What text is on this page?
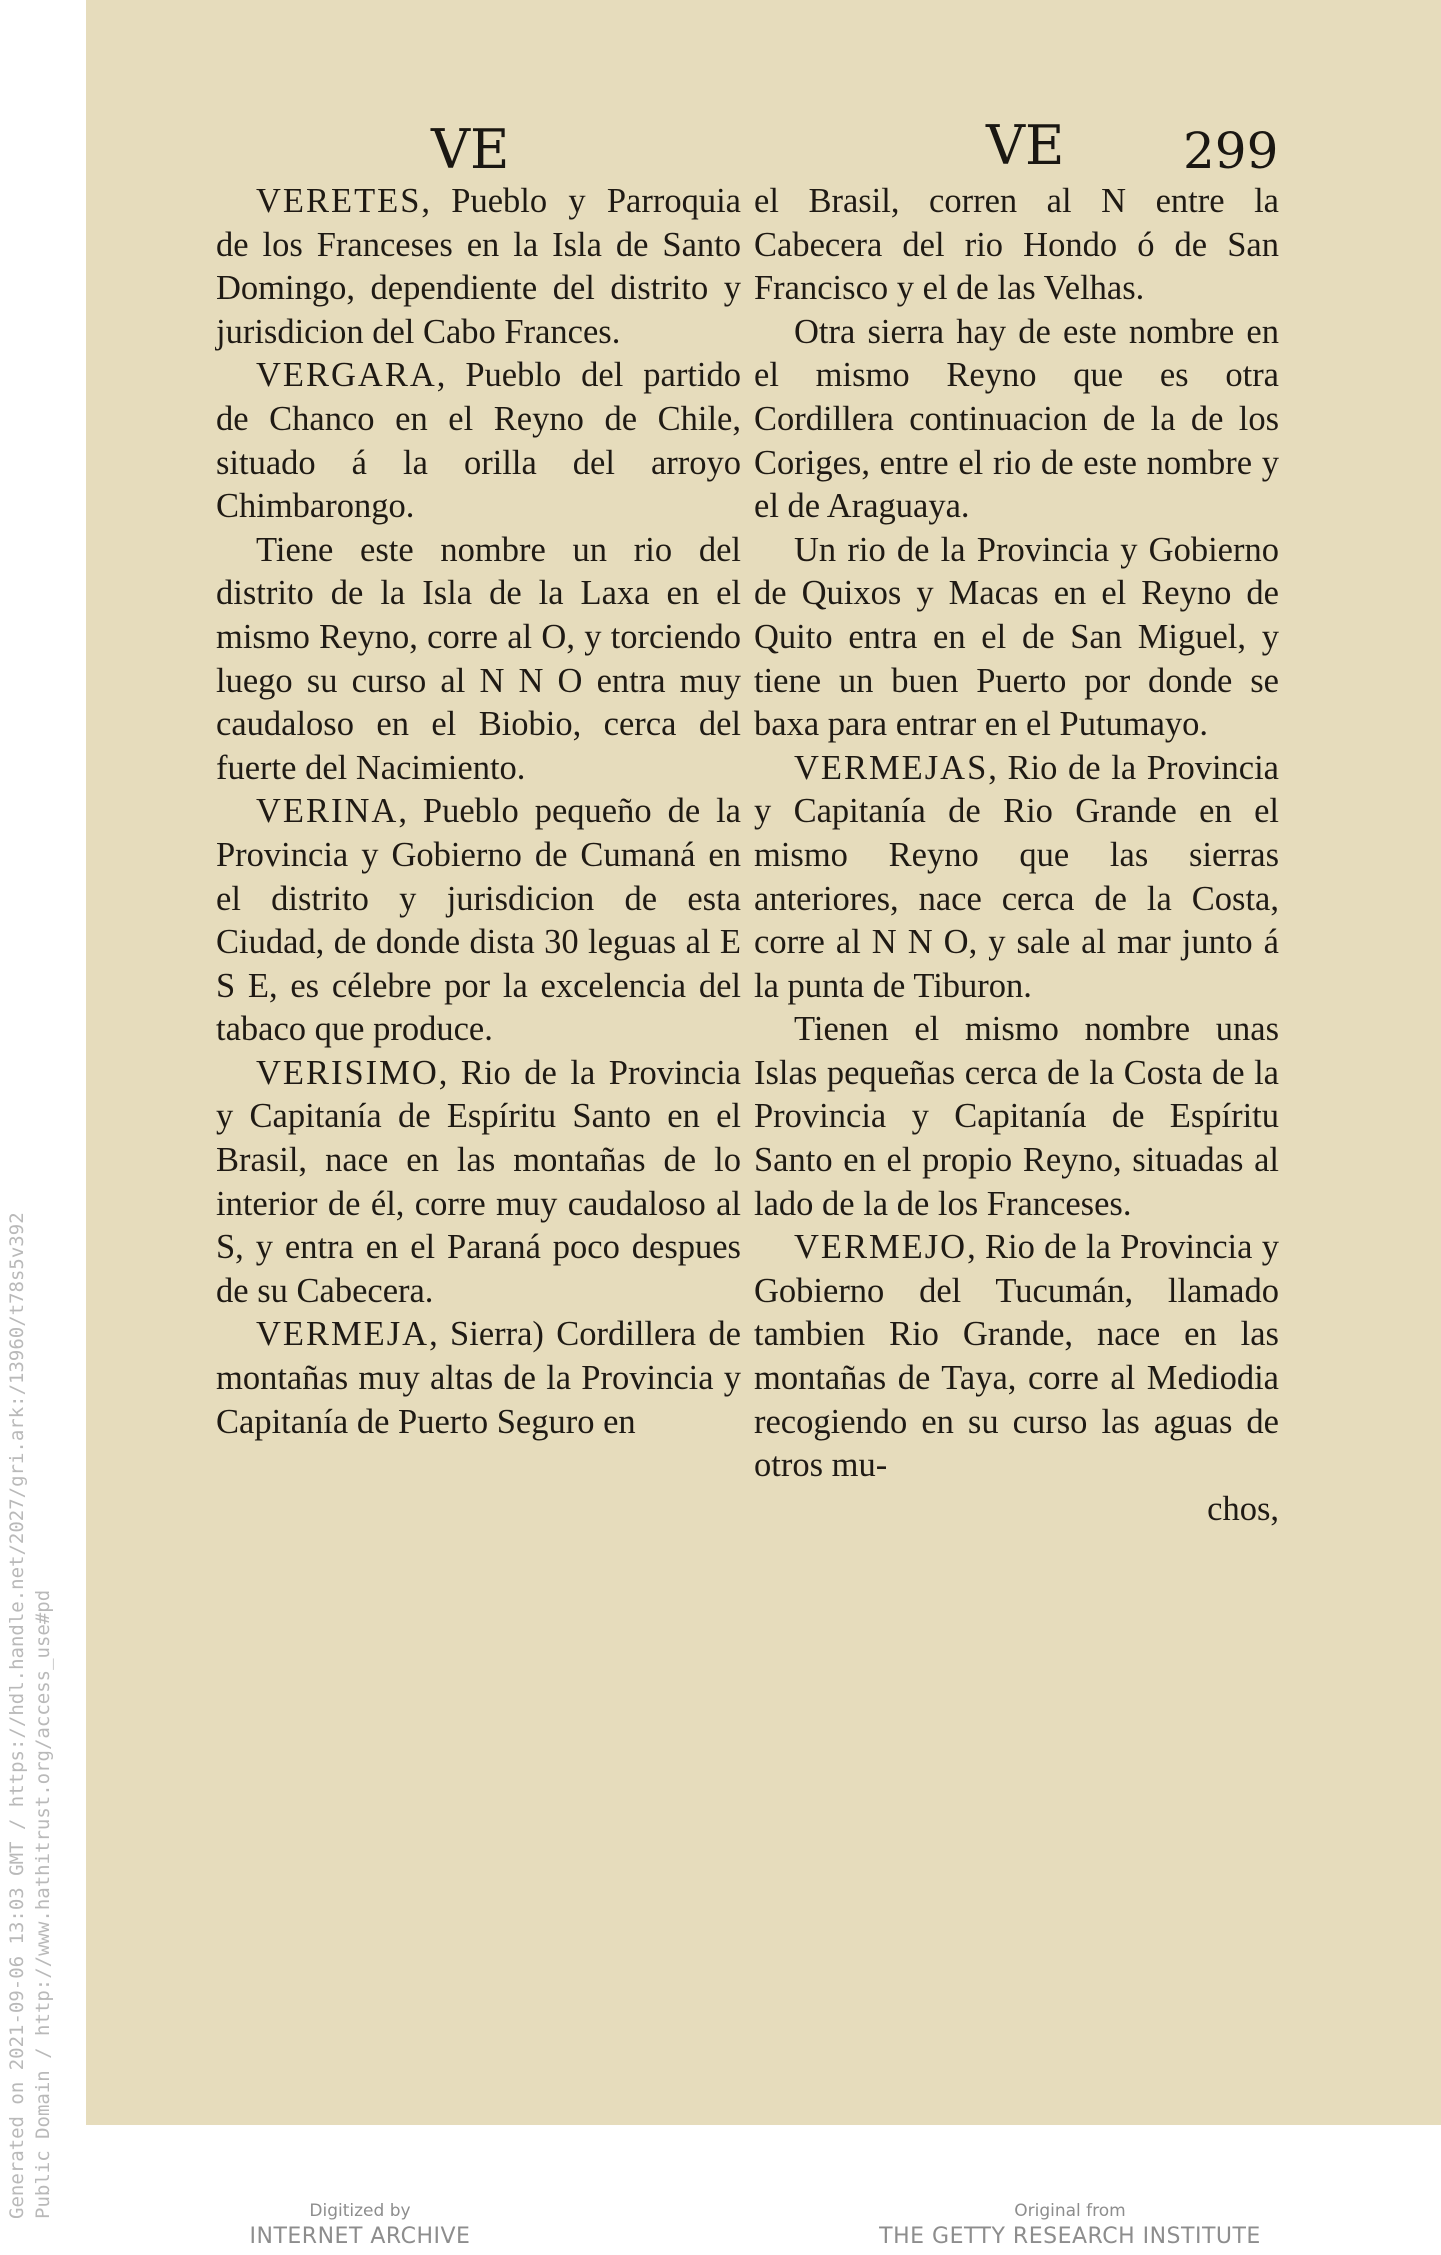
Generated on 2021-09-06 13:03 GMT / https://hdl.handle.net/2027/gri.ark:/13960/t78s5v392 Public Domain / http://www.hathitrust.org/access_use#pd
VE	VE 299

VERETES, Pueblo y Parroquia de los Franceses en la Isla de Santo Domingo, dependiente del distrito y jurisdicion del Cabo Frances.

VERGARA, Pueblo del partido de Chanco en el Reyno de Chile, situado á la orilla del arroyo Chimbarongo.

Tiene este nombre un rio del distrito de la Isla de la Laxa en el mismo Reyno, corre al O, y torciendo luego su curso al N N O entra muy caudaloso en el Biobio, cerca del fuerte del Nacimiento.

VERINA, Pueblo pequeño de la Provincia y Gobierno de Cumaná en el distrito y jurisdicion de esta Ciudad, de donde dista 30 leguas al E S E, es célebre por la excelencia del tabaco que produce.

VERISIMO, Rio de la Provincia y Capitanía de Espíritu Santo en el Brasil, nace en las montañas de lo interior de él, corre muy caudaloso al S, y entra en el Paraná poco despues de su Cabecera.

VERMEJA, Sierra) Cordillera de montañas muy altas de la Provincia y Capitanía de Puerto Seguro en

el Brasil, corren al N entre la Cabecera del rio Hondo ó de San Francisco y el de las Velhas.

Otra sierra hay de este nombre en el mismo Reyno que es otra Cordillera continuacion de la de los Coriges, entre el rio de este nombre y el de Araguaya.

Un rio de la Provincia y Gobierno de Quixos y Macas en el Reyno de Quito entra en el de San Miguel, y tiene un buen Puerto por donde se baxa para entrar en el Putumayo.

VERMEJAS, Rio de la Provincia y Capitanía de Rio Grande en el mismo Reyno que las sierras anteriores, nace cerca de la Costa, corre al N N O, y sale al mar junto á la punta de Tiburon.

Tienen el mismo nombre unas Islas pequeñas cerca de la Costa de la Provincia y Capitanía de Espíritu Santo en el propio Reyno, situadas al lado de la de los Franceses.

VERMEJO, Rio de la Provincia y Gobierno del Tucumán, llamado tambien Rio Grande, nace en las montañas de Taya, corre al Mediodia recogiendo en su curso las aguas de otros mu-

chos,
Digitized by
INTERNET ARCHIVE
Original from
THE GETTY RESEARCH INSTITUTE
